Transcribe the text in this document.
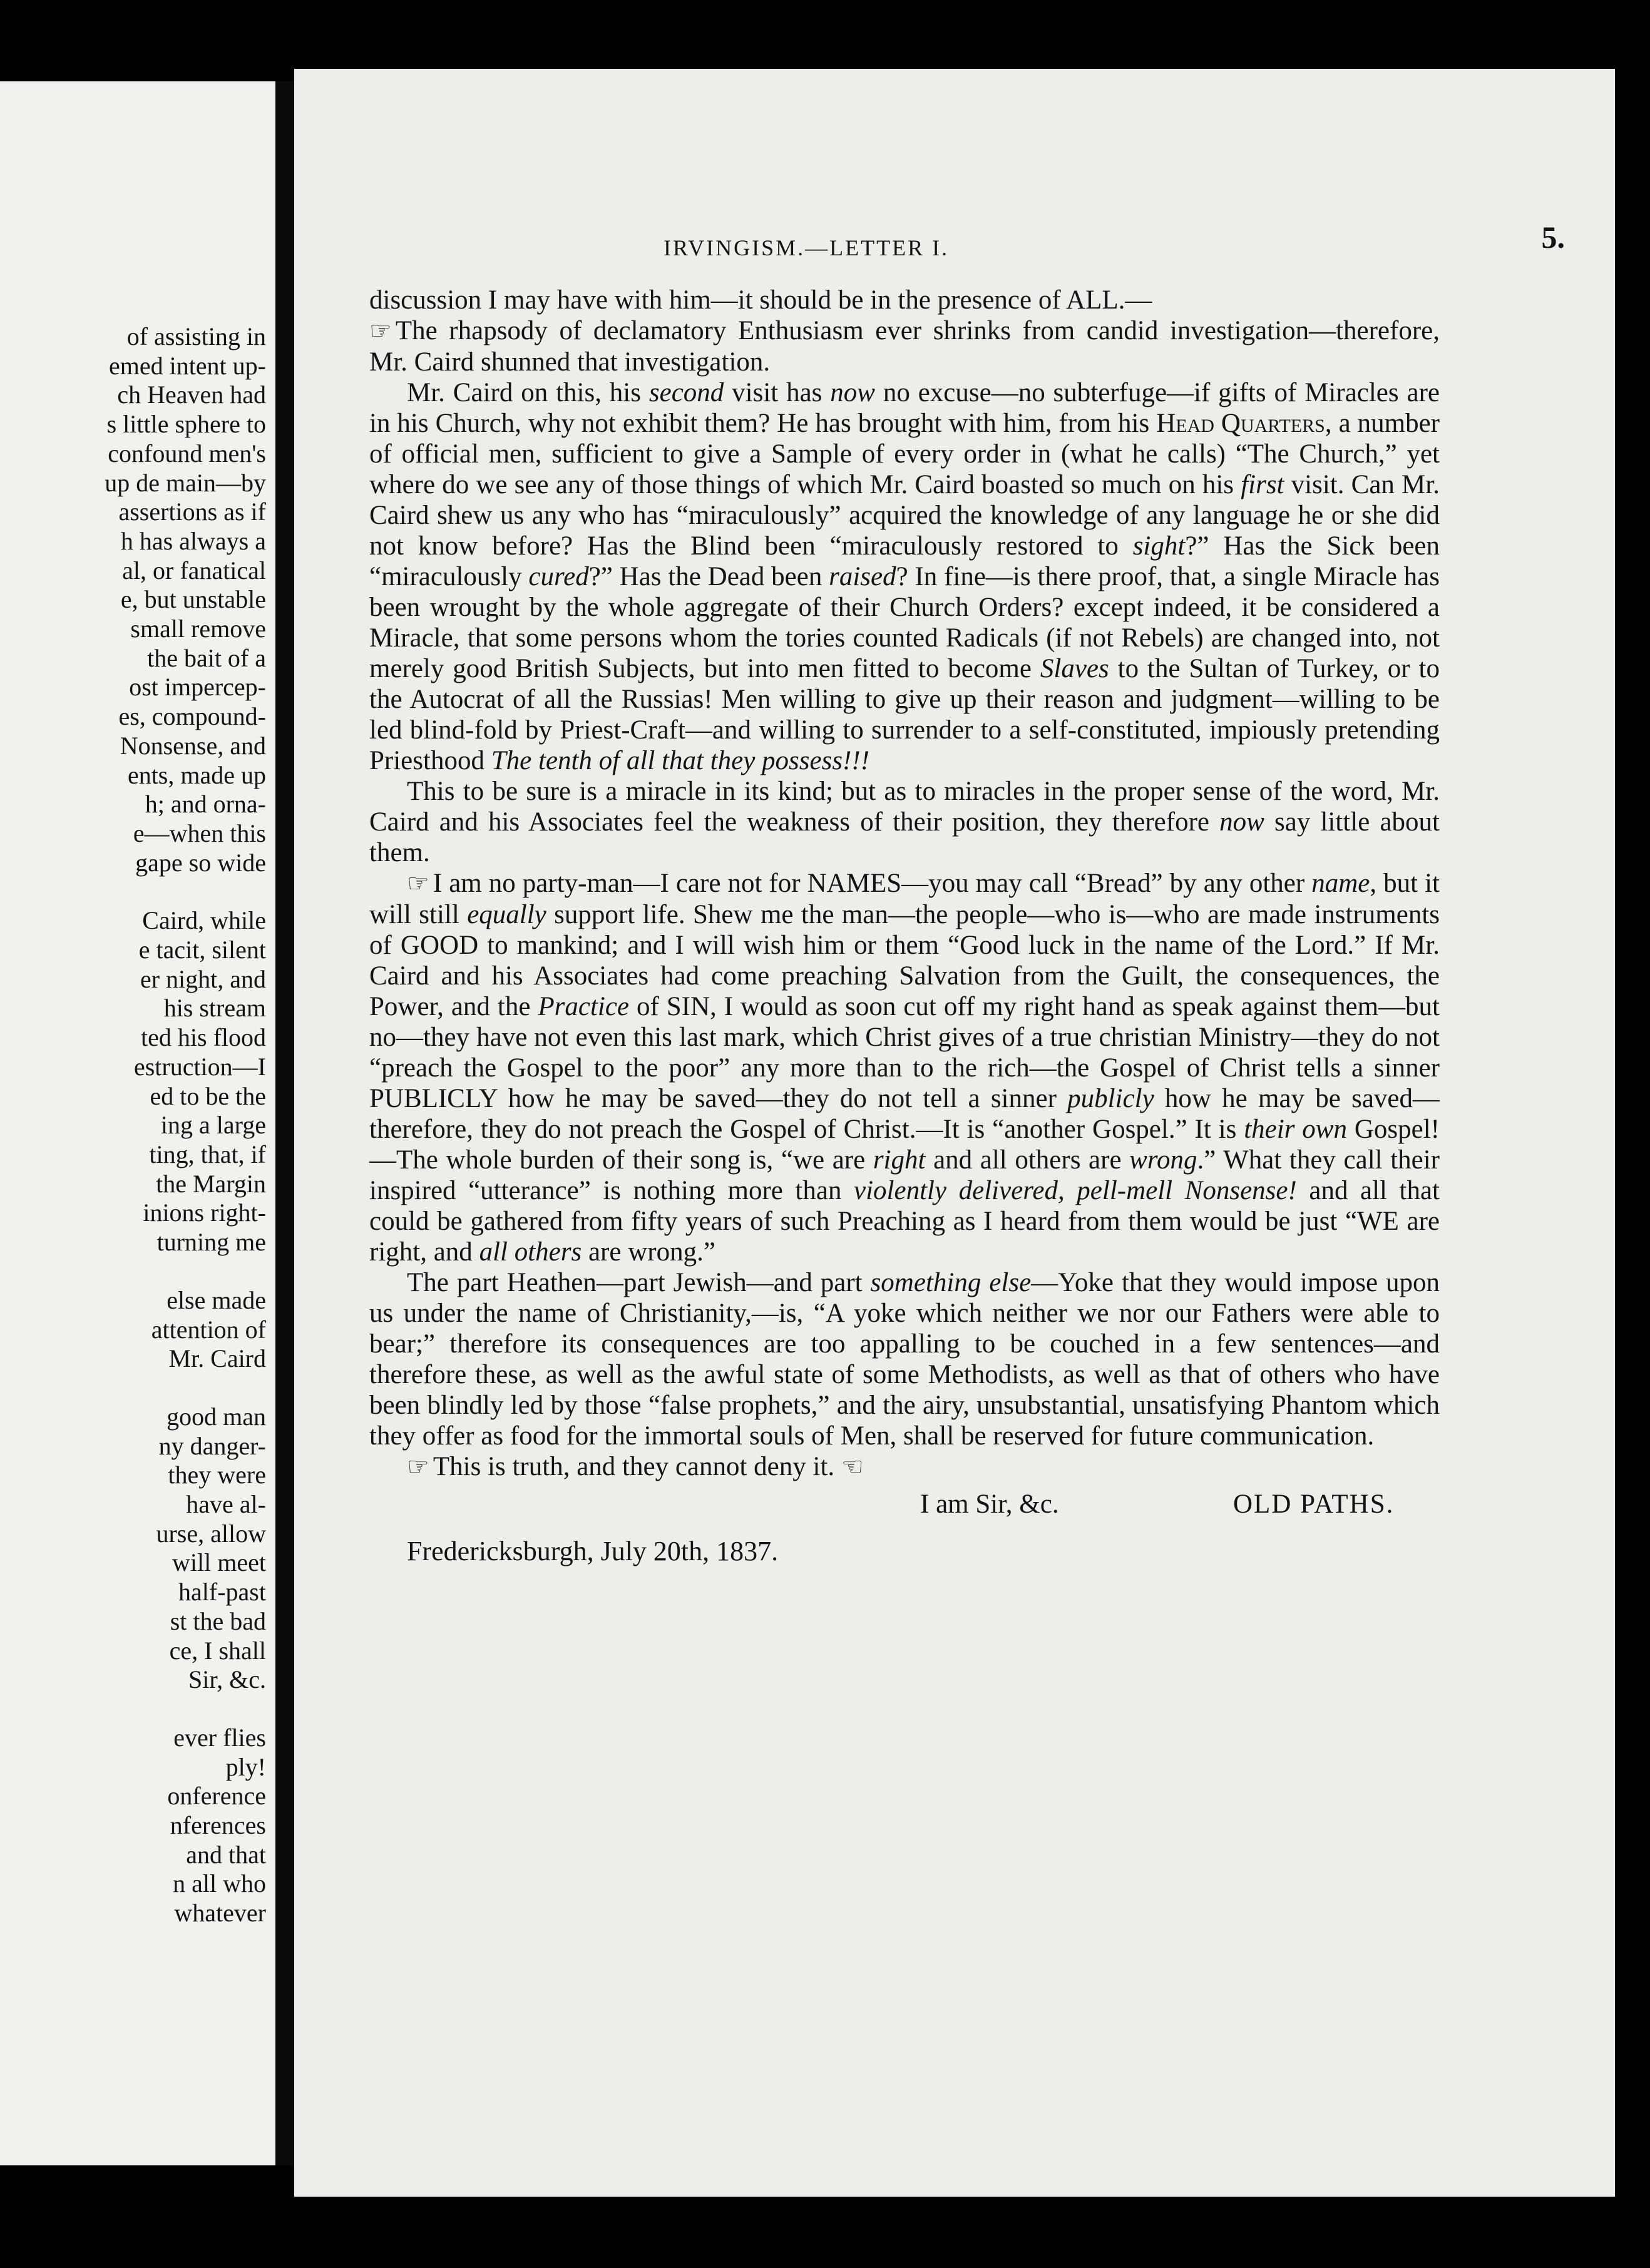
of assisting in
emed intent up-
ch Heaven had
s little sphere to
confound men's
up de main—by
assertions as if
h has always a
al, or fanatical
e, but unstable
small remove
the bait of a
ost impercep-
es, compound-
Nonsense, and
ents, made up
h; and orna-
e—when this
gape so wide
Caird, while
e tacit, silent
er night, and
his stream
ted his flood
estruction—I
ed to be the
ing a large
ting, that, if
the Margin
inions right-
turning me
else made
attention of
Mr. Caird
good man
ny danger-
they were
have al-
urse, allow
will meet
half-past
st the bad
ce, I shall
Sir, &c.
ever flies
ply!
onference
nferences
and that
n all who
whatever
IRVINGISM.—LETTER I.	5.

discussion I may have with him—it should be in the presence of ALL.—

☞ The rhapsody of declamatory Enthusiasm ever shrinks from candid investigation—therefore, Mr. Caird shunned that investigation.

Mr. Caird on this, his second visit has now no excuse—no subterfuge—if gifts of Miracles are in his Church, why not exhibit them? He has brought with him, from his Head Quarters, a number of official men, sufficient to give a Sample of every order in (what he calls) “The Church,” yet where do we see any of those things of which Mr. Caird boasted so much on his first visit. Can Mr. Caird shew us any who has “miraculously” acquired the knowledge of any language he or she did not know before? Has the Blind been “miraculously restored to sight?” Has the Sick been “miraculously cured?” Has the Dead been raised? In fine—is there proof, that, a single Miracle has been wrought by the whole aggregate of their Church Orders? except indeed, it be considered a Miracle, that some persons whom the tories counted Radicals (if not Rebels) are changed into, not merely good British Subjects, but into men fitted to become Slaves to the Sultan of Turkey, or to the Autocrat of all the Russias! Men willing to give up their reason and judgment—willing to be led blind-fold by Priest-Craft—and willing to surrender to a self-constituted, impiously pretending Priesthood The tenth of all that they possess!!!

This to be sure is a miracle in its kind; but as to miracles in the proper sense of the word, Mr. Caird and his Associates feel the weakness of their position, they therefore now say little about them.

☞ I am no party-man—I care not for NAMES—you may call “Bread” by any other name, but it will still equally support life. Shew me the man—the people—who is—who are made instruments of GOOD to mankind; and I will wish him or them “Good luck in the name of the Lord.” If Mr. Caird and his Associates had come preaching Salvation from the Guilt, the consequences, the Power, and the Practice of SIN, I would as soon cut off my right hand as speak against them—but no—they have not even this last mark, which Christ gives of a true christian Ministry—they do not “preach the Gospel to the poor” any more than to the rich—the Gospel of Christ tells a sinner PUBLICLY how he may be saved—they do not tell a sinner publicly how he may be saved—therefore, they do not preach the Gospel of Christ.—It is “another Gospel.” It is their own Gospel!—The whole burden of their song is, “we are right and all others are wrong.” What they call their inspired “utterance” is nothing more than violently delivered, pell-mell Nonsense! and all that could be gathered from fifty years of such Preaching as I heard from them would be just “WE are right, and all others are wrong.”

The part Heathen—part Jewish—and part something else—Yoke that they would impose upon us under the name of Christianity,—is, “A yoke which neither we nor our Fathers were able to bear;” therefore its consequences are too appalling to be couched in a few sentences—and therefore these, as well as the awful state of some Methodists, as well as that of others who have been blindly led by those “false prophets,” and the airy, unsubstantial, unsatisfying Phantom which they offer as food for the immortal souls of Men, shall be reserved for future communication.

☞ This is truth, and they cannot deny it. ☜
I am Sir, &c.	OLD PATHS.
Fredericksburgh, July 20th, 1837.
